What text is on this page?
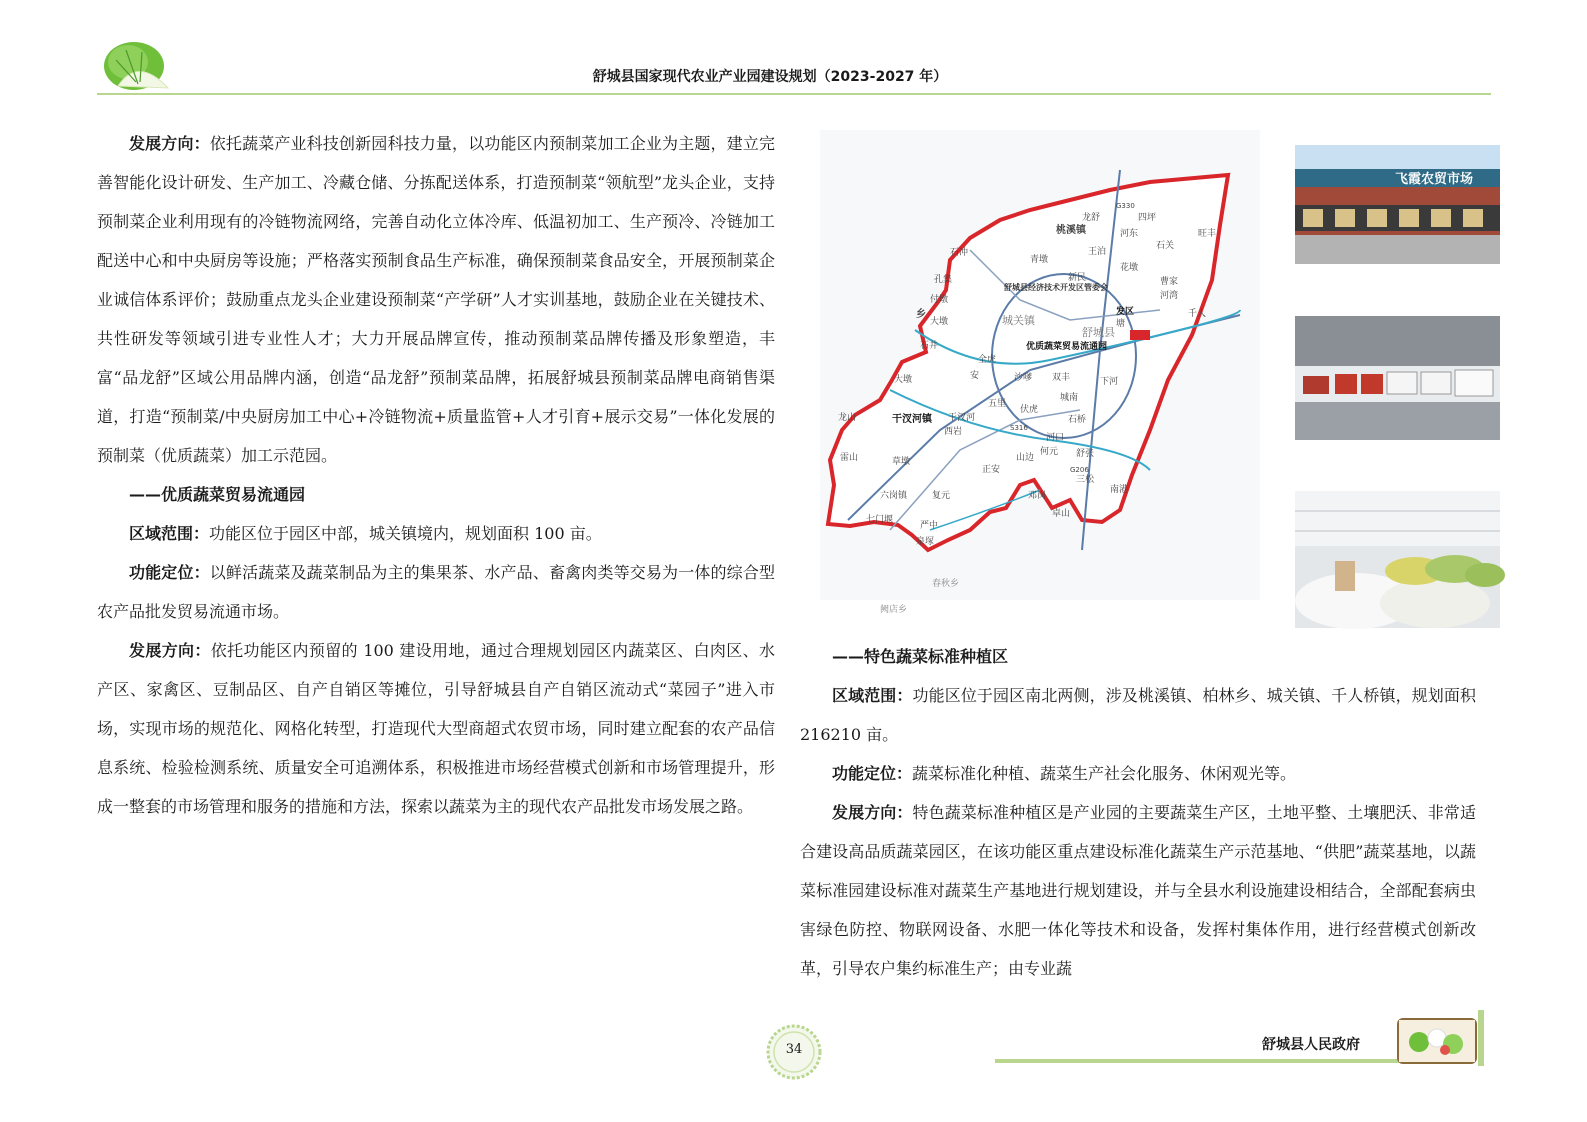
舒城县国家现代农业产业园建设规划（2023-2027 年）

发展方向：依托蔬菜产业科技创新园科技力量，以功能区内预制菜加工企业为主题，建立完善智能化设计研发、生产加工、冷藏仓储、分拣配送体系，打造预制菜“领航型”龙头企业，支持预制菜企业利用现有的冷链物流网络，完善自动化立体冷库、低温初加工、生产预冷、冷链加工配送中心和中央厨房等设施；严格落实预制食品生产标准，确保预制菜食品安全，开展预制菜企业诚信体系评价；鼓励重点龙头企业建设预制菜“产学研”人才实训基地，鼓励企业在关键技术、共性研发等领域引进专业性人才；大力开展品牌宣传，推动预制菜品牌传播及形象塑造，丰富“品龙舒”区域公用品牌内涵，创造“品龙舒”预制菜品牌，拓展舒城县预制菜品牌电商销售渠道，打造“预制菜/中央厨房加工中心+冷链物流+质量监管+人才引育+展示交易”一体化发展的预制菜（优质蔬菜）加工示范园。

——优质蔬菜贸易流通园

区域范围：功能区位于园区中部，城关镇境内，规划面积 100 亩。

功能定位：以鲜活蔬菜及蔬菜制品为主的集果茶、水产品、畜禽肉类等交易为一体的综合型农产品批发贸易流通市场。

发展方向：依托功能区内预留的 100 建设用地，通过合理规划园区内蔬菜区、白肉区、水产区、家禽区、豆制品区、自产自销区等摊位，引导舒城县自产自销区流动式“菜园子”进入市场，实现市场的规范化、网格化转型，打造现代大型商超式农贸市场，同时建立配套的农产品信息系统、检验检测系统、质量安全可追溯体系，积极推进市场经营模式创新和市场管理提升，形成一整套的市场管理和服务的措施和方法，探索以蔬菜为主的现代农产品批发市场发展之路。

桃溪镇
龙舒	四坪
河东
石关
旺丰
石冲	王泊
青墩
新民
花墩
曹家
河湾
孔集
付墩
乡
大墩
舒城县经济技术开发区管委会
发区
城关镇
舒城县
优质蔬菜贸易流通园
塘
千人
石井
全虎
安	沙嗲 双丰	下河
大墩
龙山	干汊河镇 干汊河
五里
伏虎
城南
石桥
西岩
河口
何元 舒张
雷山	草墩
正安
山边
复元	邓岗
三松
南港
六岗镇
七门堰
严中
泉塚
卓山
春秋乡
阙店乡
G330
G206
S316
飞霞农贸市场

——特色蔬菜标准种植区

区域范围：功能区位于园区南北两侧，涉及桃溪镇、柏林乡、城关镇、千人桥镇，规划面积 216210 亩。

功能定位：蔬菜标准化种植、蔬菜生产社会化服务、休闲观光等。

发展方向：特色蔬菜标准种植区是产业园的主要蔬菜生产区，土地平整、土壤肥沃、非常适合建设高品质蔬菜园区，在该功能区重点建设标准化蔬菜生产示范基地、“供肥”蔬菜基地，以蔬菜标准园建设标准对蔬菜生产基地进行规划建设，并与全县水利设施建设相结合，全部配套病虫害绿色防控、物联网设备、水肥一体化等技术和设备，发挥村集体作用，进行经营模式创新改革，引导农户集约标准生产；由专业蔬

34	舒城县人民政府
